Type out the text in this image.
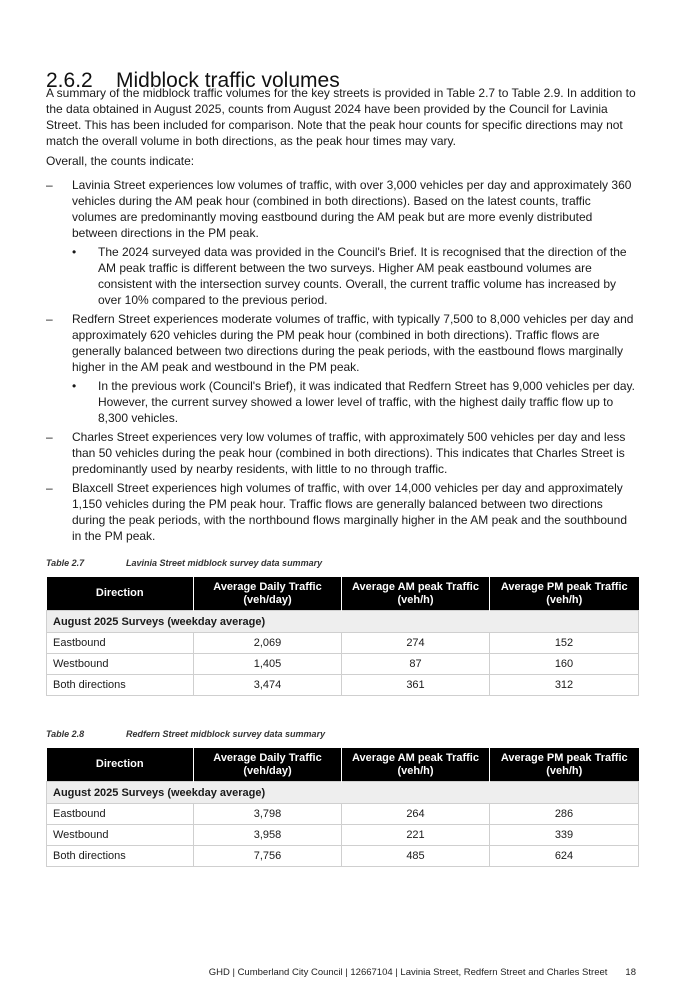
2.6.2 Midblock traffic volumes

A summary of the midblock traffic volumes for the key streets is provided in Table 2.7 to Table 2.9. In addition to the data obtained in August 2025, counts from August 2024 have been provided by the Council for Lavinia Street. This has been included for comparison. Note that the peak hour counts for specific directions may not match the overall volume in both directions, as the peak hour times may vary.

Overall, the counts indicate:

–	Lavinia Street experiences low volumes of traffic, with over 3,000 vehicles per day and approximately 360 vehicles during the AM peak hour (combined in both directions). Based on the latest counts, traffic volumes are predominantly moving eastbound during the AM peak but are more evenly distributed between directions in the PM peak.
• The 2024 surveyed data was provided in the Council's Brief. It is recognised that the direction of the AM peak traffic is different between the two surveys. Higher AM peak eastbound volumes are consistent with the intersection survey counts. Overall, the current traffic volume has increased by over 10% compared to the previous period.
–	Redfern Street experiences moderate volumes of traffic, with typically 7,500 to 8,000 vehicles per day and approximately 620 vehicles during the PM peak hour (combined in both directions). Traffic flows are generally balanced between two directions during the peak periods, with the eastbound flows marginally higher in the AM peak and westbound in the PM peak.
• In the previous work (Council's Brief), it was indicated that Redfern Street has 9,000 vehicles per day. However, the current survey showed a lower level of traffic, with the highest daily traffic flow up to 8,300 vehicles.
–	Charles Street experiences very low volumes of traffic, with approximately 500 vehicles per day and less than 50 vehicles during the peak hour (combined in both directions). This indicates that Charles Street is predominantly used by nearby residents, with little to no through traffic.
–	Blaxcell Street experiences high volumes of traffic, with over 14,000 vehicles per day and approximately 1,150 vehicles during the PM peak hour. Traffic flows are generally balanced between two directions during the peak periods, with the northbound flows marginally higher in the AM peak and the southbound in the PM peak.
Table 2.7	Lavinia Street midblock survey data summary
Direction	Average Daily Traffic (veh/day)	Average AM peak Traffic (veh/h)	Average PM peak Traffic (veh/h)
August 2025 Surveys (weekday average)			
Eastbound	2,069	274	152
Westbound	1,405	87	160
Both directions	3,474	361	312
Table 2.8	Redfern Street midblock survey data summary
Direction	Average Daily Traffic (veh/day)	Average AM peak Traffic (veh/h)	Average PM peak Traffic (veh/h)
August 2025 Surveys (weekday average)			
Eastbound	3,798	264	286
Westbound	3,958	221	339
Both directions	7,756	485	624
GHD | Cumberland City Council | 12667104 | Lavinia Street, Redfern Street and Charles Street 18
